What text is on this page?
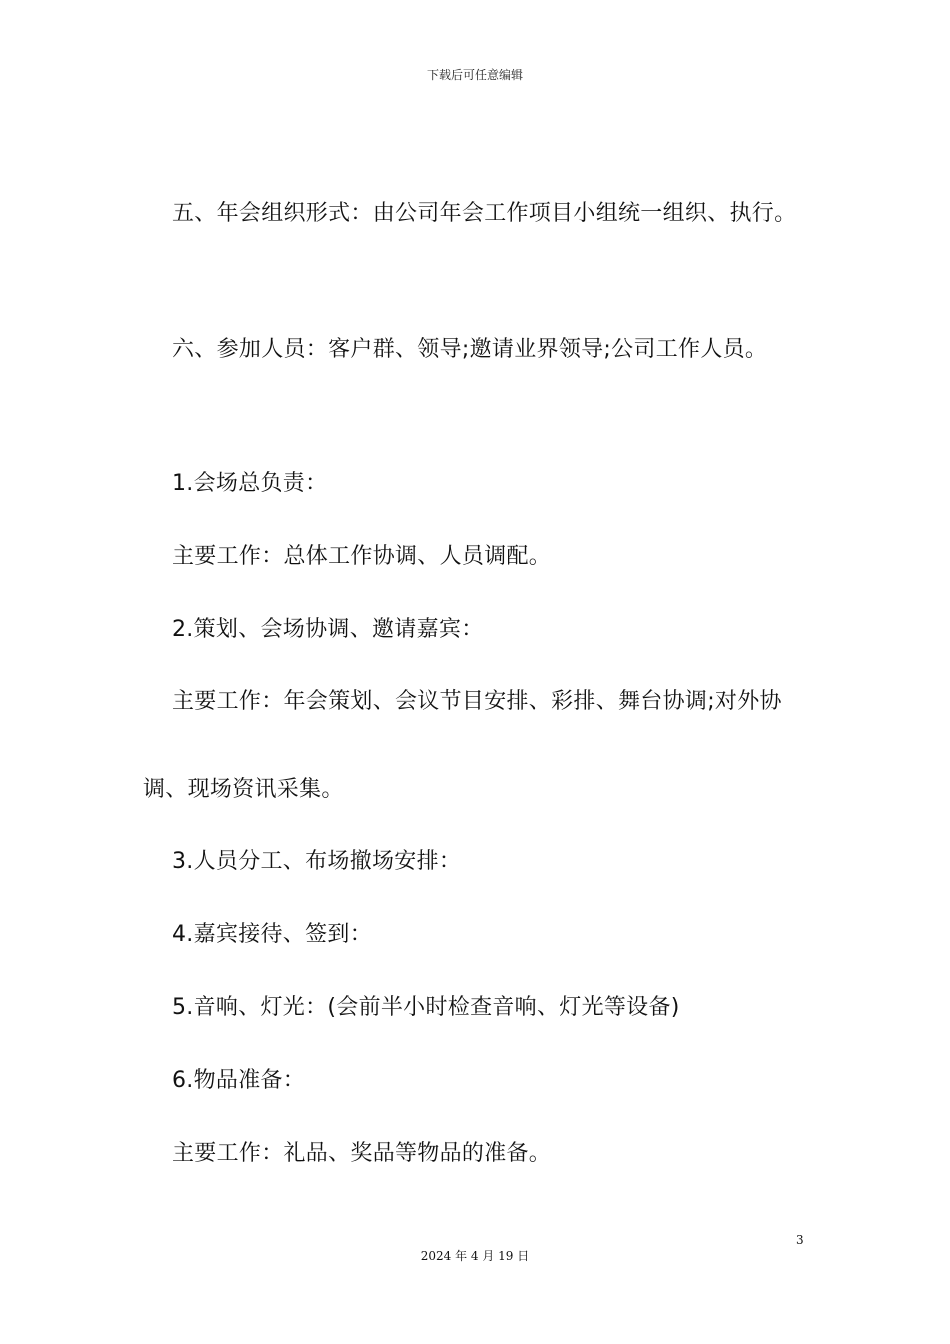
下载后可任意编辑
五、年会组织形式：由公司年会工作项目小组统一组织、执行。
六、参加人员：客户群、领导;邀请业界领导;公司工作人员。
1.会场总负责：
主要工作：总体工作协调、人员调配。
2.策划、会场协调、邀请嘉宾：
主要工作：年会策划、会议节目安排、彩排、舞台协调;对外协
调、现场资讯采集。
3.人员分工、布场撤场安排：
4.嘉宾接待、签到：
5.音响、灯光：(会前半小时检查音响、灯光等设备)
6.物品准备：
主要工作：礼品、奖品等物品的准备。
3
2024 年 4 月 19 日
